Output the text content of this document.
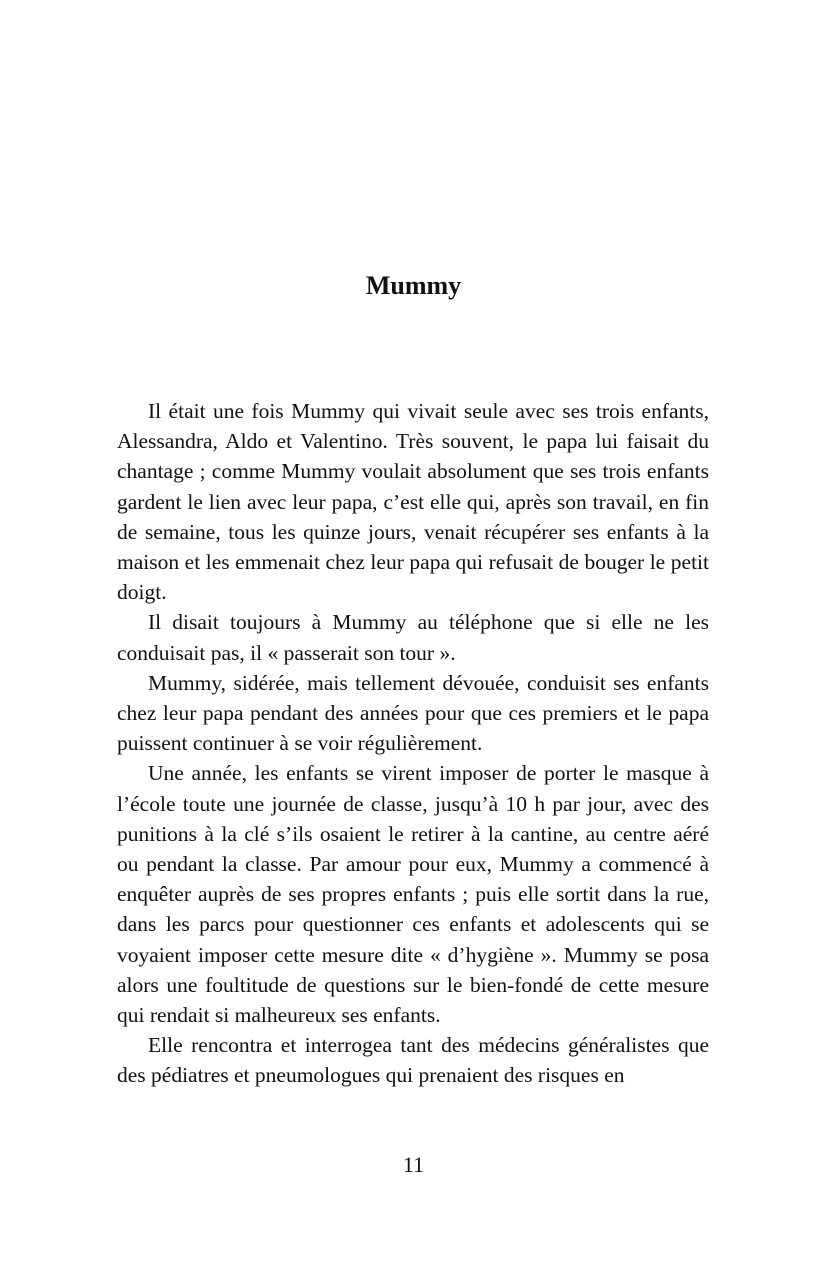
Mummy

Il était une fois Mummy qui vivait seule avec ses trois enfants, Alessandra, Aldo et Valentino. Très souvent, le papa lui faisait du chantage ; comme Mummy voulait absolument que ses trois enfants gardent le lien avec leur papa, c’est elle qui, après son travail, en fin de semaine, tous les quinze jours, venait récupérer ses enfants à la maison et les emmenait chez leur papa qui refusait de bouger le petit doigt.

Il disait toujours à Mummy au téléphone que si elle ne les conduisait pas, il « passerait son tour ».

Mummy, sidérée, mais tellement dévouée, conduisit ses enfants chez leur papa pendant des années pour que ces premiers et le papa puissent continuer à se voir régulièrement.

Une année, les enfants se virent imposer de porter le masque à l’école toute une journée de classe, jusqu’à 10 h par jour, avec des punitions à la clé s’ils osaient le retirer à la cantine, au centre aéré ou pendant la classe. Par amour pour eux, Mummy a commencé à enquêter auprès de ses propres enfants ; puis elle sortit dans la rue, dans les parcs pour questionner ces enfants et adolescents qui se voyaient imposer cette mesure dite « d’hygiène ». Mummy se posa alors une foultitude de questions sur le bien-fondé de cette mesure qui rendait si malheureux ses enfants.

Elle rencontra et interrogea tant des médecins généralistes que des pédiatres et pneumologues qui prenaient des risques en

11
